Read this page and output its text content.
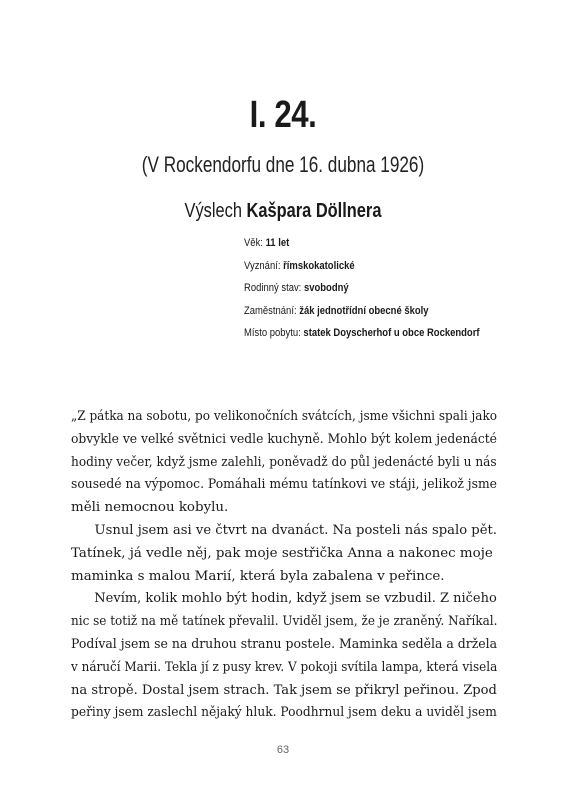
I. 24.
(V Rockendorfu dne 16. dubna 1926)
Výslech Kašpara Döllnera
Věk: 11 let
Vyznání: římskokatolické
Rodinný stav: svobodný
Zaměstnání: žák jednotřídní obecné školy
Místo pobytu: statek Doyscherhof u obce Rockendorf
„Z pátka na sobotu, po velikonočních svátcích, jsme všichni spali jako
obvykle ve velké světnici vedle kuchyně. Mohlo být kolem jedenácté
hodiny večer, když jsme zalehli, poněvadž do půl jedenácté byli u nás
sousedé na výpomoc. Pomáhali mému tatínkovi ve stáji, jelikož jsme
měli nemocnou kobylu.
Usnul jsem asi ve čtvrt na dvanáct. Na posteli nás spalo pět.
Tatínek, já vedle něj, pak moje sestřička Anna a nakonec moje
maminka s malou Marií, která byla zabalena v peřince.
Nevím, kolik mohlo být hodin, když jsem se vzbudil. Z ničeho
nic se totiž na mě tatínek převalil. Uviděl jsem, že je zraněný. Naříkal.
Podíval jsem se na druhou stranu postele. Maminka seděla a držela
v náručí Marii. Tekla jí z pusy krev. V pokoji svítila lampa, která visela
na stropě. Dostal jsem strach. Tak jsem se přikryl peřinou. Zpod
peřiny jsem zaslechl nějaký hluk. Poodhrnul jsem deku a uviděl jsem
63
